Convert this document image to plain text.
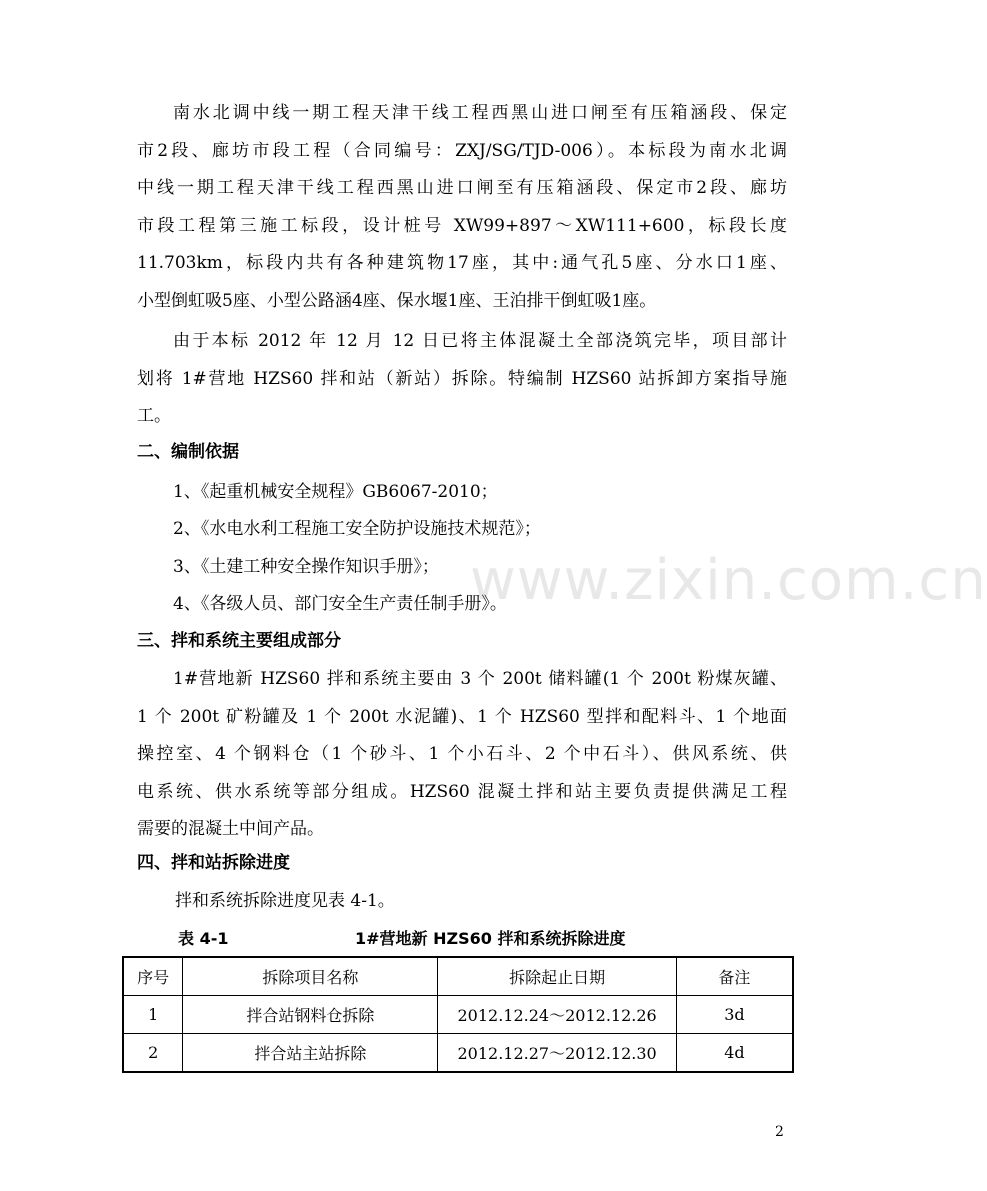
www.zixin.com.cn
南水北调中线一期工程天津干线工程西黑山进口闸至有压箱涵段、保定
市2段、廊坊市段工程（合同编号：ZXJ/SG/TJD-006）。本标段为南水北调
中线一期工程天津干线工程西黑山进口闸至有压箱涵段、保定市2段、廊坊
市段工程第三施工标段，设计桩号 XW99+897～XW111+600，标段长度
11.703km，标段内共有各种建筑物17座，其中:通气孔5座、分水口1座、
小型倒虹吸5座、小型公路涵4座、保水堰1座、王泊排干倒虹吸1座。
由于本标 2012 年 12 月 12 日已将主体混凝土全部浇筑完毕，项目部计
划将 1#营地 HZS60 拌和站（新站）拆除。特编制 HZS60 站拆卸方案指导施
工。
二、编制依据

1、《起重机械安全规程》GB6067-2010；

2、《水电水利工程施工安全防护设施技术规范》；

3、《土建工种安全操作知识手册》；

4、《各级人员、部门安全生产责任制手册》。

三、拌和系统主要组成部分
1#营地新 HZS60 拌和系统主要由 3 个 200t 储料罐(1 个 200t 粉煤灰罐、
1 个 200t 矿粉罐及 1 个 200t 水泥罐)、1 个 HZS60 型拌和配料斗、1 个地面
操控室、4 个钢料仓（1 个砂斗、1 个小石斗、2 个中石斗）、供风系统、供
电系统、供水系统等部分组成。HZS60 混凝土拌和站主要负责提供满足工程
需要的混凝土中间产品。
四、拌和站拆除进度

拌和系统拆除进度见表 4-1。

表 4-1	1#营地新 HZS60 拌和系统拆除进度

序号	拆除项目名称	拆除起止日期	备注
1	拌合站钢料仓拆除	2012.12.24～2012.12.26	3d
2	拌合站主站拆除	2012.12.27～2012.12.30	4d

2
